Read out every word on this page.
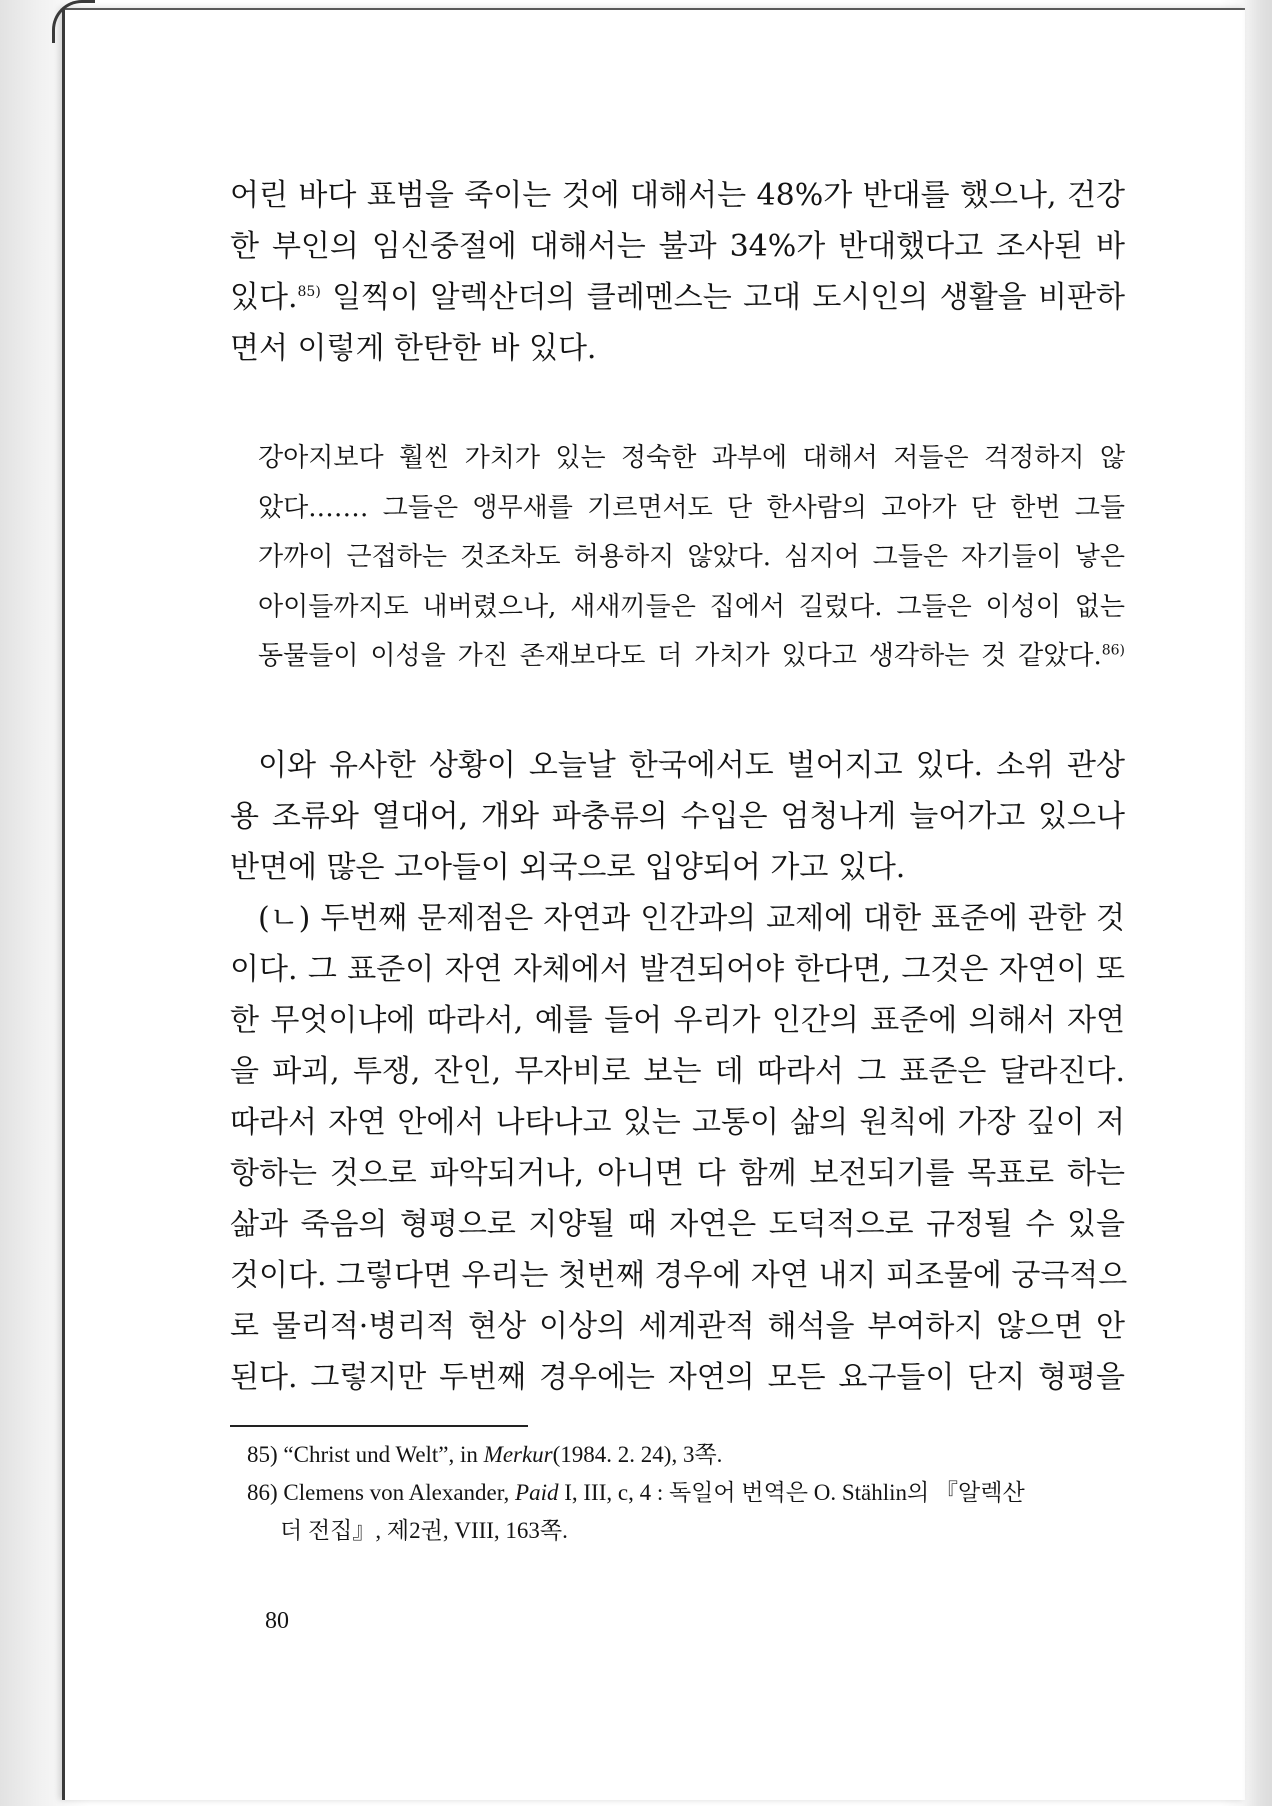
어린 바다 표범을 죽이는 것에 대해서는 48%가 반대를 했으나, 건강
한 부인의 임신중절에 대해서는 불과 34%가 반대했다고 조사된 바
있다.$^{85)}$ 일찍이 알렉산더의 클레멘스는 고대 도시인의 생활을 비판하
면서 이렇게 한탄한 바 있다.

강아지보다 훨씬 가치가 있는 정숙한 과부에 대해서 저들은 걱정하지 않
았다.…… 그들은 앵무새를 기르면서도 단 한사람의 고아가 단 한번 그들
가까이 근접하는 것조차도 허용하지 않았다. 심지어 그들은 자기들이 낳은
아이들까지도 내버렸으나, 새새끼들은 집에서 길렀다. 그들은 이성이 없는
동물들이 이성을 가진 존재보다도 더 가치가 있다고 생각하는 것 같았다.$^{86)}$

이와 유사한 상황이 오늘날 한국에서도 벌어지고 있다. 소위 관상
용 조류와 열대어, 개와 파충류의 수입은 엄청나게 늘어가고 있으나
반면에 많은 고아들이 외국으로 입양되어 가고 있다.

(ㄴ) 두번째 문제점은 자연과 인간과의 교제에 대한 표준에 관한 것
이다. 그 표준이 자연 자체에서 발견되어야 한다면, 그것은 자연이 또
한 무엇이냐에 따라서, 예를 들어 우리가 인간의 표준에 의해서 자연
을 파괴, 투쟁, 잔인, 무자비로 보는 데 따라서 그 표준은 달라진다.
따라서 자연 안에서 나타나고 있는 고통이 삶의 원칙에 가장 깊이 저
항하는 것으로 파악되거나, 아니면 다 함께 보전되기를 목표로 하는
삶과 죽음의 형평으로 지양될 때 자연은 도덕적으로 규정될 수 있을
것이다. 그렇다면 우리는 첫번째 경우에 자연 내지 피조물에 궁극적으
로 물리적·병리적 현상 이상의 세계관적 해석을 부여하지 않으면 안
된다. 그렇지만 두번째 경우에는 자연의 모든 요구들이 단지 형평을

85) “Christ und Welt”, in Merkur(1984. 2. 24), 3쪽.
86) Clemens von Alexander, Paid I, III, c, 4 : 독일어 번역은 O. Stählin의 『알렉산
더 전집』, 제2권, VIII, 163쪽.
80
